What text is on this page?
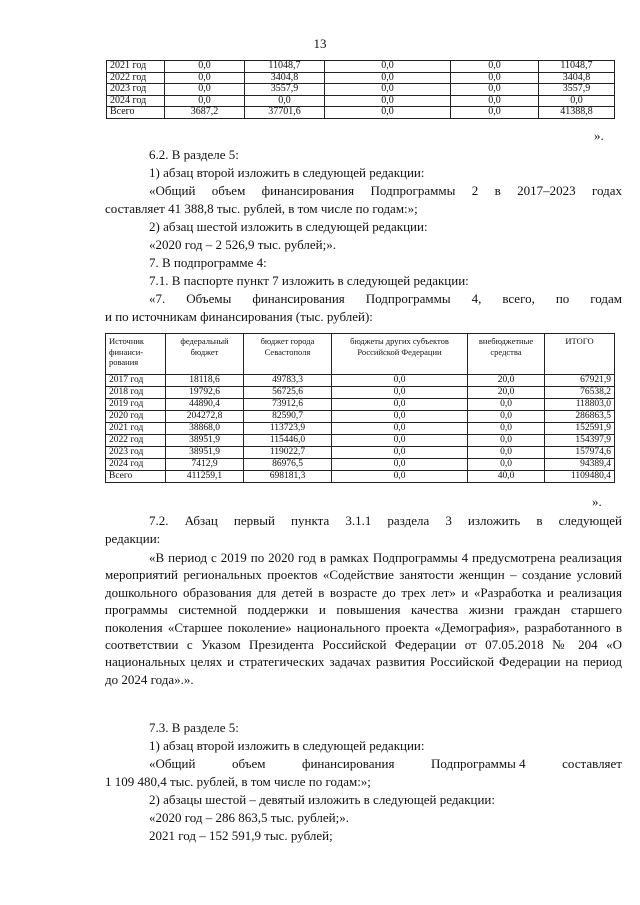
13
2021 год	0,0	11048,7	0,0	0,0	11048,7
2022 год	0,0	3404,8	0,0	0,0	3404,8
2023 год	0,0	3557,9	0,0	0,0	3557,9
2024 год	0,0	0,0	0,0	0,0	0,0
Всего	3687,2	37701,6	0,0	0,0	41388,8
».

6.2. В разделе 5:

1) абзац второй изложить в следующей редакции:

«Общий объем финансирования Подпрограммы 2 в 2017–2023 годах

составляет 41 388,8 тыс. рублей, в том числе по годам:»;

2) абзац шестой изложить в следующей редакции:

«2020 год – 2 526,9 тыс. рублей;».

7. В подпрограмме 4:

7.1. В паспорте пункт 7 изложить в следующей редакции:

«7. Объемы финансирования Подпрограммы 4, всего, по годам

и по источникам финансирования (тыс. рублей):

Источник финанси-рования	федеральный бюджет	бюджет города Севастополя	бюджеты других субъектов Российской Федерации	внебюджетные средства	ИТОГО
2017 год	18118,6	49783,3	0,0	20,0	67921,9
2018 год	19792,6	56725,6	0,0	20,0	76538,2
2019 год	44890,4	73912,6	0,0	0,0	118803,0
2020 год	204272,8	82590,7	0,0	0,0	286863,5
2021 год	38868,0	113723,9	0,0	0,0	152591,9
2022 год	38951,9	115446,0	0,0	0,0	154397,9
2023 год	38951,9	119022,7	0,0	0,0	157974,6
2024 год	7412,9	86976,5	0,0	0,0	94389,4
Всего	411259,1	698181,3	0,0	40,0	1109480,4
».

7.2. Абзац первый пункта 3.1.1 раздела 3 изложить в следующей

редакции:

«В период с 2019 по 2020 год в рамках Подпрограммы 4 предусмотрена реализация мероприятий региональных проектов «Содействие занятости женщин – создание условий дошкольного образования для детей в возрасте до трех лет» и «Разработка и реализация программы системной поддержки и повышения качества жизни граждан старшего поколения «Старшее поколение» национального проекта «Демография», разработанного в соответствии с Указом Президента Российской Федерации от 07.05.2018 № 204 «О национальных целях и стратегических задачах развития Российской Федерации на период до 2024 года».».

7.3. В разделе 5:

1) абзац второй изложить в следующей редакции:

«Общий	объем	финансирования	Подпрограммы 4	составляет

1 109 480,4 тыс. рублей, в том числе по годам:»;

2) абзацы шестой – девятый изложить в следующей редакции:

«2020 год – 286 863,5 тыс. рублей;».

2021 год – 152 591,9 тыс. рублей;
